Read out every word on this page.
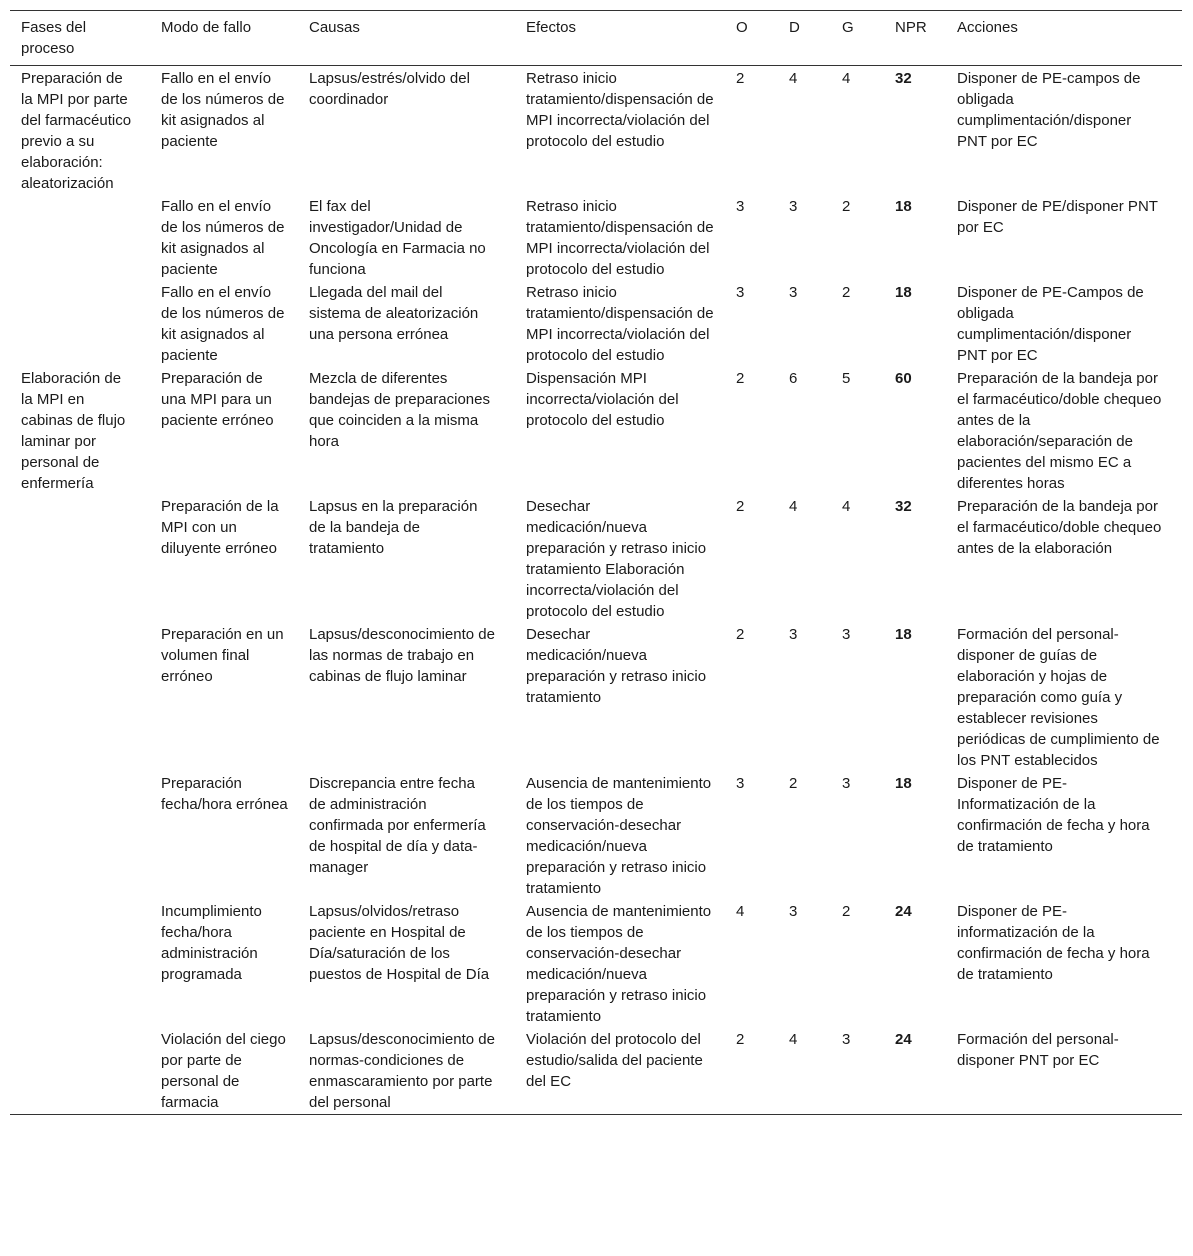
Fases del proceso	Modo de fallo	Causas	Efectos	O	D	G	NPR	Acciones
Preparación de la MPI por parte del farmacéutico previo a su elaboración: aleatorización	Fallo en el envío de los números de kit asignados al paciente	Lapsus/estrés/olvido del coordinador	Retraso inicio tratamiento/dispensación de MPI incorrecta/violación del protocolo del estudio	2	4	4	32	Disponer de PE-campos de obligada cumplimentación/disponer PNT por EC
	Fallo en el envío de los números de kit asignados al paciente	El fax del investigador/Unidad de Oncología en Farmacia no funciona	Retraso inicio tratamiento/dispensación de MPI incorrecta/violación del protocolo del estudio	3	3	2	18	Disponer de PE/disponer PNT por EC
	Fallo en el envío de los números de kit asignados al paciente	Llegada del mail del sistema de aleatorización una persona errónea	Retraso inicio tratamiento/dispensación de MPI incorrecta/violación del protocolo del estudio	3	3	2	18	Disponer de PE-Campos de obligada cumplimentación/disponer PNT por EC
Elaboración de la MPI en cabinas de flujo laminar por personal de enfermería	Preparación de una MPI para un paciente erróneo	Mezcla de diferentes bandejas de preparaciones que coinciden a la misma hora	Dispensación MPI incorrecta/violación del protocolo del estudio	2	6	5	60	Preparación de la bandeja por el farmacéutico/doble chequeo antes de la elaboración/separación de pacientes del mismo EC a diferentes horas
	Preparación de la MPI con un diluyente erróneo	Lapsus en la preparación de la bandeja de tratamiento	Desechar medicación/nueva preparación y retraso inicio tratamiento Elaboración incorrecta/violación del protocolo del estudio	2	4	4	32	Preparación de la bandeja por el farmacéutico/doble chequeo antes de la elaboración
	Preparación en un volumen final erróneo	Lapsus/desconocimiento de las normas de trabajo en cabinas de flujo laminar	Desechar medicación/nueva preparación y retraso inicio tratamiento	2	3	3	18	Formación del personal-disponer de guías de elaboración y hojas de preparación como guía y establecer revisiones periódicas de cumplimiento de los PNT establecidos
	Preparación fecha/hora errónea	Discrepancia entre fecha de administración confirmada por enfermería de hospital de día y data-manager	Ausencia de mantenimiento de los tiempos de conservación-desechar medicación/nueva preparación y retraso inicio tratamiento	3	2	3	18	Disponer de PE-Informatización de la confirmación de fecha y hora de tratamiento
	Incumplimiento fecha/hora administración programada	Lapsus/olvidos/retraso paciente en Hospital de Día/saturación de los puestos de Hospital de Día	Ausencia de mantenimiento de los tiempos de conservación-desechar medicación/nueva preparación y retraso inicio tratamiento	4	3	2	24	Disponer de PE-informatización de la confirmación de fecha y hora de tratamiento
	Violación del ciego por parte de personal de farmacia	Lapsus/desconocimiento de normas-condiciones de enmascaramiento por parte del personal	Violación del protocolo del estudio/salida del paciente del EC	2	4	3	24	Formación del personal-disponer PNT por EC
